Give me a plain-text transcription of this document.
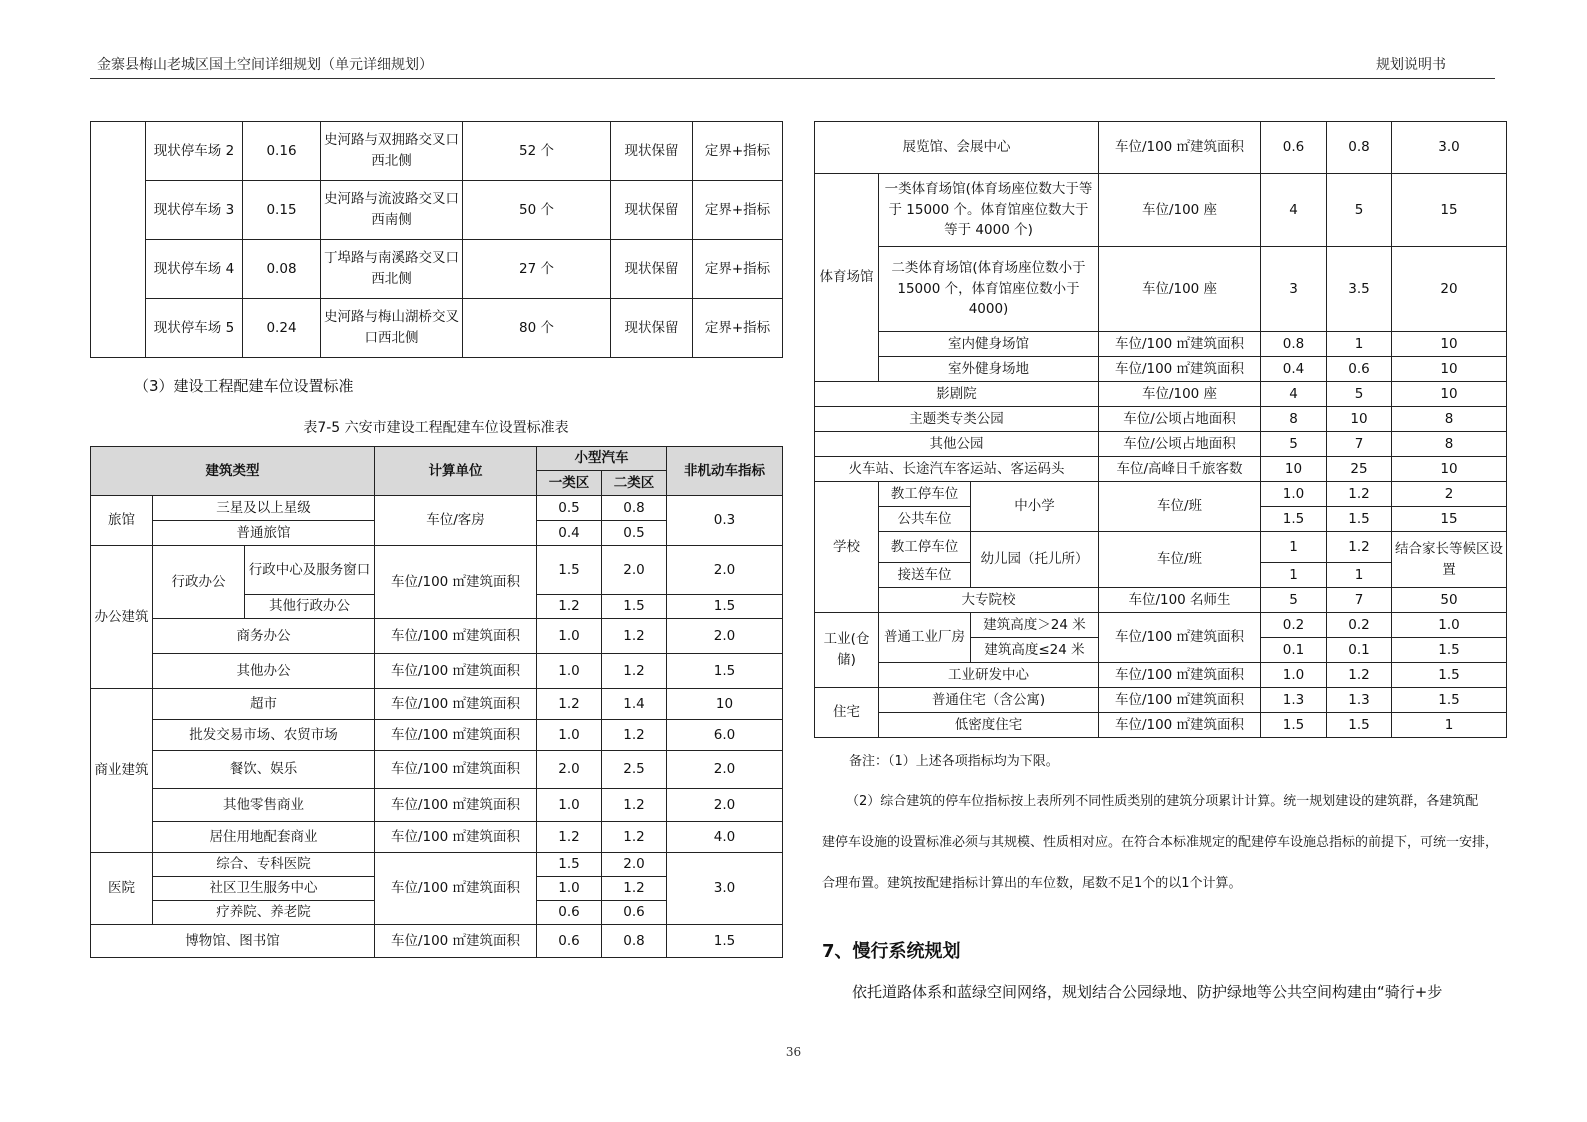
金寨县梅山老城区国土空间详细规划（单元详细规划）	规划说明书
	现状停车场 2	0.16	史河路与双拥路交叉口西北侧	52 个	现状保留	定界+指标
	现状停车场 3	0.15	史河路与流波路交叉口西南侧	50 个	现状保留	定界+指标
	现状停车场 4	0.08	丁埠路与南溪路交叉口西北侧	27 个	现状保留	定界+指标
	现状停车场 5	0.24	史河路与梅山湖桥交叉口西北侧	80 个	现状保留	定界+指标
（3）建设工程配建车位设置标准
表7-5 六安市建设工程配建车位设置标准表
建筑类型			计算单位	小型汽车		非机动车指标
				一类区	二类区	
旅馆	三星及以上星级		车位/客房	0.5	0.8	0.3
	普通旅馆			0.4	0.5	
办公建筑	行政办公	行政中心及服务窗口	车位/100 ㎡建筑面积	1.5	2.0	2.0
		其他行政办公		1.2	1.5	1.5
	商务办公		车位/100 ㎡建筑面积	1.0	1.2	2.0
	其他办公		车位/100 ㎡建筑面积	1.0	1.2	1.5
商业建筑	超市		车位/100 ㎡建筑面积	1.2	1.4	10
	批发交易市场、农贸市场		车位/100 ㎡建筑面积	1.0	1.2	6.0
	餐饮、娱乐		车位/100 ㎡建筑面积	2.0	2.5	2.0
	其他零售商业		车位/100 ㎡建筑面积	1.0	1.2	2.0
	居住用地配套商业		车位/100 ㎡建筑面积	1.2	1.2	4.0
医院	综合、专科医院		车位/100 ㎡建筑面积	1.5	2.0	3.0
	社区卫生服务中心			1.0	1.2	
	疗养院、养老院			0.6	0.6	
博物馆、图书馆			车位/100 ㎡建筑面积	0.6	0.8	1.5
展览馆、会展中心			车位/100 ㎡建筑面积	0.6	0.8	3.0
体育场馆	一类体育场馆(体育场座位数大于等于 15000 个。体育馆座位数大于等于 4000 个)		车位/100 座	4	5	15
	二类体育场馆(体育场座位数小于 15000 个，体育馆座位数小于 4000)		车位/100 座	3	3.5	20
	室内健身场馆		车位/100 ㎡建筑面积	0.8	1	10
	室外健身场地		车位/100 ㎡建筑面积	0.4	0.6	10
影剧院			车位/100 座	4	5	10
主题类专类公园			车位/公顷占地面积	8	10	8
其他公园			车位/公顷占地面积	5	7	8
火车站、长途汽车客运站、客运码头			车位/高峰日千旅客数	10	25	10
学校	教工停车位	中小学	车位/班	1.0	1.2	2
	公共车位			1.5	1.5	15
	教工停车位	幼儿园（托儿所）	车位/班	1	1.2	结合家长等候区设置
	接送车位			1	1	
	大专院校		车位/100 名师生	5	7	50
工业(仓储)	普通工业厂房	建筑高度＞24 米	车位/100 ㎡建筑面积	0.2	0.2	1.0
		建筑高度≤24 米		0.1	0.1	1.5
	工业研发中心		车位/100 ㎡建筑面积	1.0	1.2	1.5
住宅	普通住宅（含公寓)		车位/100 ㎡建筑面积	1.3	1.3	1.5
	低密度住宅		车位/100 ㎡建筑面积	1.5	1.5	1
备注：（1）上述各项指标均为下限。
（2）综合建筑的停车位指标按上表所列不同性质类别的建筑分项累计计算。统一规划建设的建筑群，各建筑配
建停车设施的设置标准必须与其规模、性质相对应。在符合本标准规定的配建停车设施总指标的前提下，可统一安排，
合理布置。建筑按配建指标计算出的车位数，尾数不足1个的以1个计算。
7、慢行系统规划
依托道路体系和蓝绿空间网络，规划结合公园绿地、防护绿地等公共空间构建由“骑行+步
36
